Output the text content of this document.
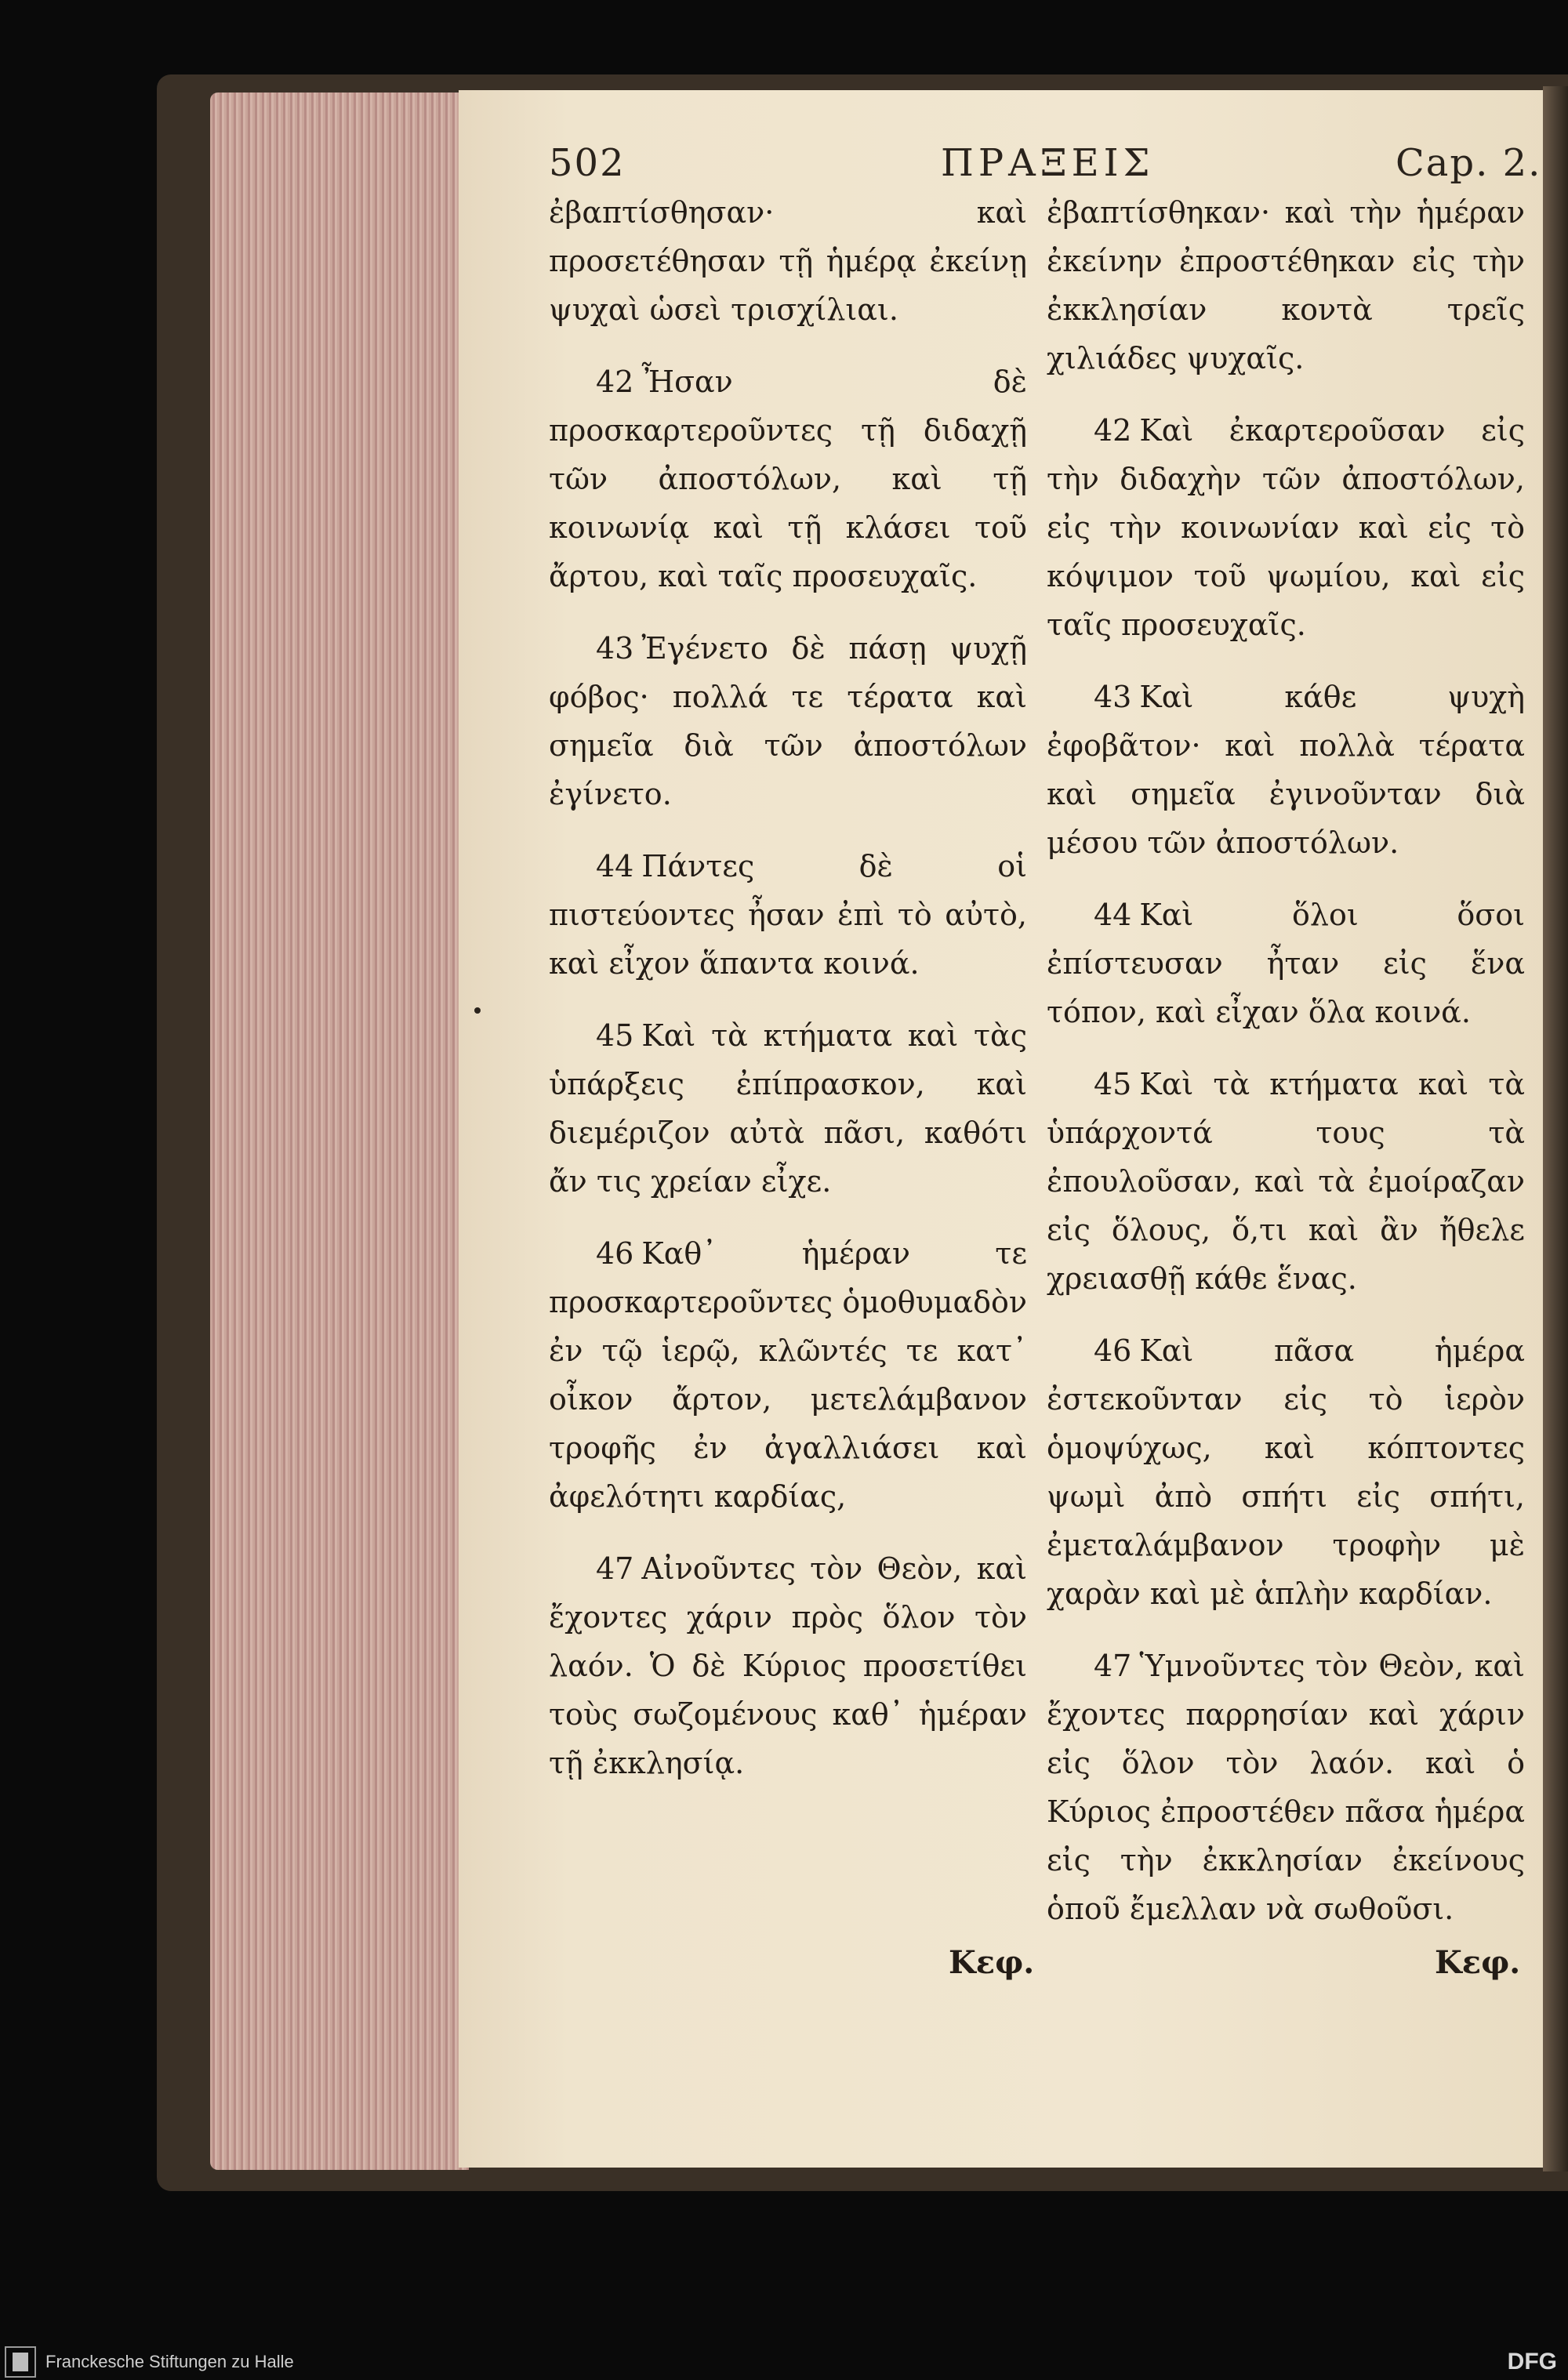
502	ΠΡΑΞΕΙΣ	Cap. 2.

ἐβαπτίσθησαν· καὶ προσετέθησαν τῇ ἡμέρᾳ ἐκείνῃ ψυχαὶ ὡσεὶ τρισχίλιαι.

42 Ἦσαν δὲ προσκαρτεροῦντες τῇ διδαχῇ τῶν ἀποστόλων, καὶ τῇ κοινωνίᾳ καὶ τῇ κλάσει τοῦ ἄρτου, καὶ ταῖς προσευχαῖς.

43 Ἐγένετο δὲ πάσῃ ψυχῇ φόβος· πολλά τε τέρατα καὶ σημεῖα διὰ τῶν ἀποστόλων ἐγίνετο.

44 Πάντες δὲ οἱ πιστεύοντες ἦσαν ἐπὶ τὸ αὐτὸ, καὶ εἶχον ἅπαντα κοινά.

45 Καὶ τὰ κτήματα καὶ τὰς ὑπάρξεις ἐπίπρασκον, καὶ διεμέριζον αὐτὰ πᾶσι, καθότι ἄν τις χρείαν εἶχε.

46 Καθ᾽ ἡμέραν τε προσκαρτεροῦντες ὁμοθυμαδὸν ἐν τῷ ἱερῷ, κλῶντές τε κατ᾽ οἶκον ἄρτον, μετελάμβανον τροφῆς ἐν ἀγαλλιάσει καὶ ἀφελότητι καρδίας,

47 Αἰνοῦντες τὸν Θεὸν, καὶ ἔχοντες χάριν πρὸς ὅλον τὸν λαόν. Ὁ δὲ Κύριος προσετίθει τοὺς σωζομένους καθ᾽ ἡμέραν τῇ ἐκκλησίᾳ.

ἐβαπτίσθηκαν· καὶ τὴν ἡμέραν ἐκείνην ἐπροστέθηκαν εἰς τὴν ἐκκλησίαν κοντὰ τρεῖς χιλιάδες ψυχαῖς.

42 Καὶ ἐκαρτεροῦσαν εἰς τὴν διδαχὴν τῶν ἀποστόλων, εἰς τὴν κοινωνίαν καὶ εἰς τὸ κόψιμον τοῦ ψωμίου, καὶ εἰς ταῖς προσευχαῖς.

43 Καὶ κάθε ψυχὴ ἐφοβᾶτον· καὶ πολλὰ τέρατα καὶ σημεῖα ἐγινοῦνταν διὰ μέσου τῶν ἀποστόλων.

44 Καὶ ὅλοι ὅσοι ἐπίστευσαν ἦταν εἰς ἕνα τόπον, καὶ εἶχαν ὅλα κοινά.

45 Καὶ τὰ κτήματα καὶ τὰ ὑπάρχοντά τους τὰ ἐπουλοῦσαν, καὶ τὰ ἐμοίραζαν εἰς ὅλους, ὅ,τι καὶ ἂν ἤθελε χρειασθῇ κάθε ἕνας.

46 Καὶ πᾶσα ἡμέρα ἐστεκοῦνταν εἰς τὸ ἱερὸν ὁμοψύχως, καὶ κόπτοντες ψωμὶ ἀπὸ σπήτι εἰς σπήτι, ἐμεταλάμβανον τροφὴν μὲ χαρὰν καὶ μὲ ἁπλὴν καρδίαν.

47 Ὑμνοῦντες τὸν Θεὸν, καὶ ἔχοντες παρρησίαν καὶ χάριν εἰς ὅλον τὸν λαόν. καὶ ὁ Κύριος ἐπροστέθεν πᾶσα ἡμέρα εἰς τὴν ἐκκλησίαν ἐκείνους ὁποῦ ἔμελλαν νὰ σωθοῦσι.

Κεφ.	Κεφ.
Franckesche Stiftungen zu Halle	DFG
